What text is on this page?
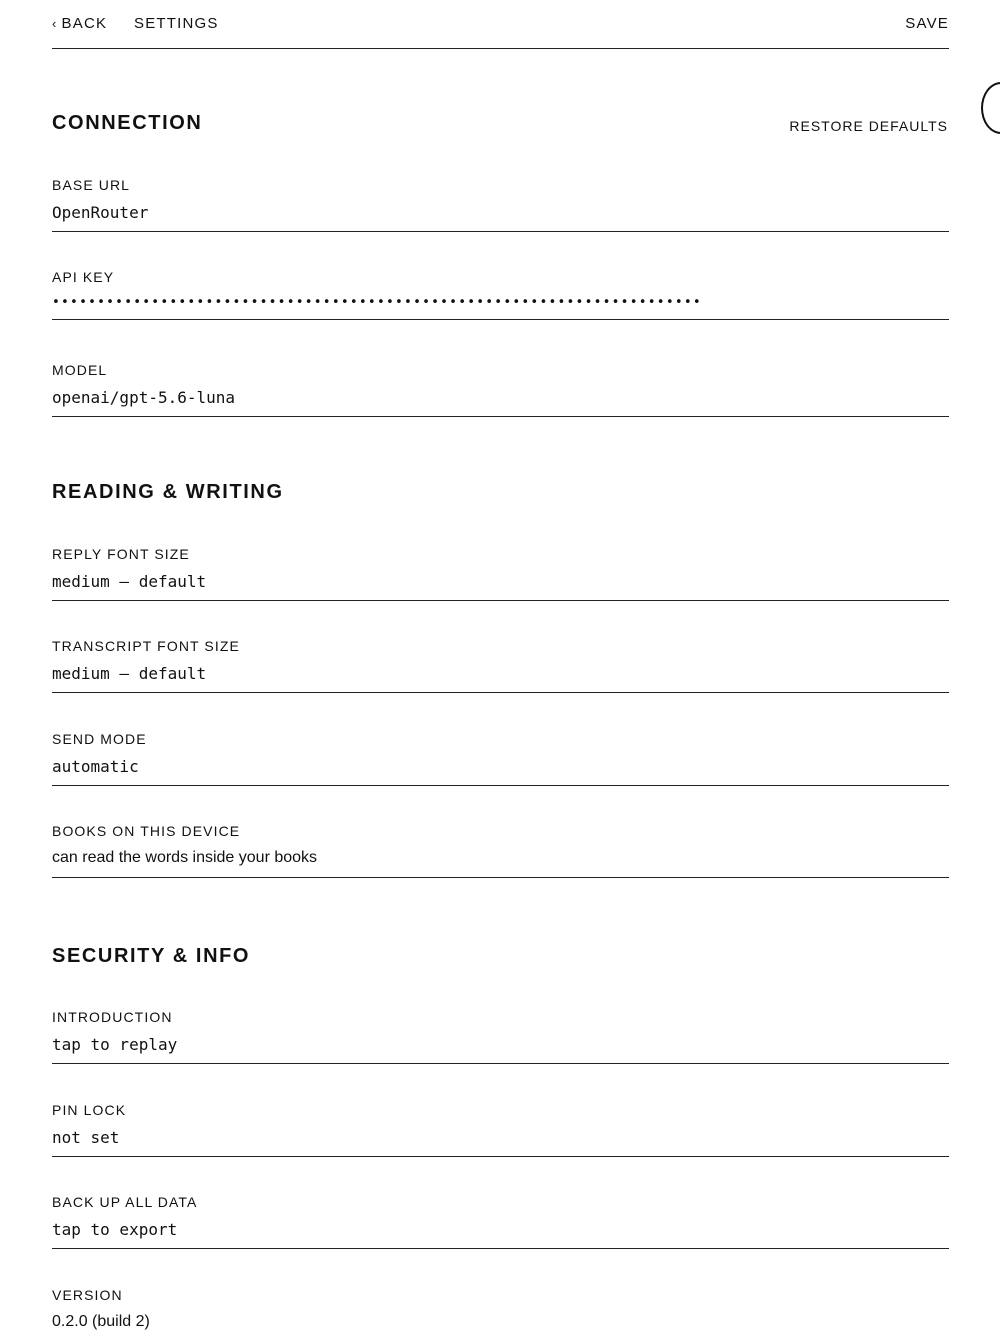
‹ BACK SETTINGS	SAVE
CONNECTION	RESTORE DEFAULTS
BASE URL
OpenRouter
API KEY
••••••••••••••••••••••••••••••••••••••••••••••••••••••••••••••••••••••••
MODEL
openai/gpt-5.6-luna
READING & WRITING
REPLY FONT SIZE
medium — default
TRANSCRIPT FONT SIZE
medium — default
SEND MODE
automatic
BOOKS ON THIS DEVICE
can read the words inside your books
SECURITY & INFO
INTRODUCTION
tap to replay
PIN LOCK
not set
BACK UP ALL DATA
tap to export
VERSION
0.2.0 (build 2)
